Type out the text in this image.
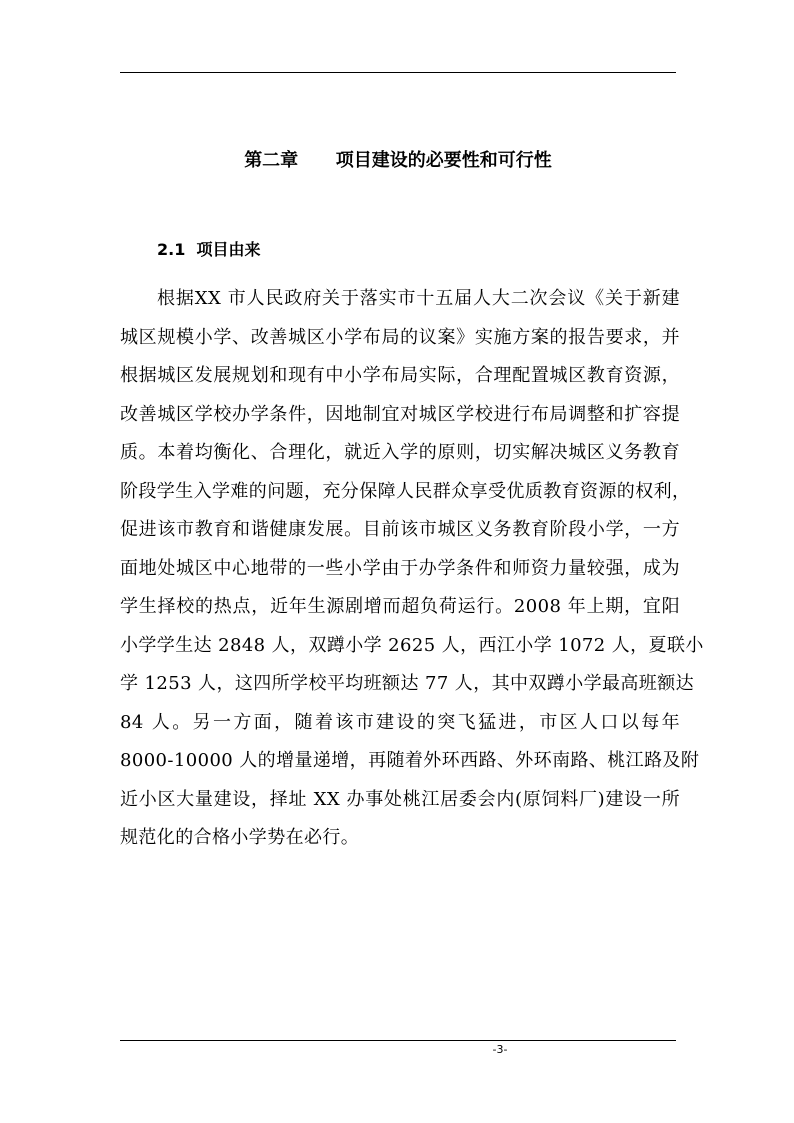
第二章      项目建设的必要性和可行性
2.1  项目由来
根据XX 市人民政府关于落实市十五届人大二次会议《关于新建
城区规模小学、改善城区小学布局的议案》实施方案的报告要求，并
根据城区发展规划和现有中小学布局实际，合理配置城区教育资源，
改善城区学校办学条件，因地制宜对城区学校进行布局调整和扩容提
质。本着均衡化、合理化，就近入学的原则，切实解决城区义务教育
阶段学生入学难的问题，充分保障人民群众享受优质教育资源的权利，
促进该市教育和谐健康发展。目前该市城区义务教育阶段小学，一方
面地处城区中心地带的一些小学由于办学条件和师资力量较强，成为
学生择校的热点，近年生源剧增而超负荷运行。2008 年上期，宜阳
小学学生达 2848 人，双蹲小学 2625 人，西江小学 1072 人，夏联小
学 1253 人，这四所学校平均班额达 77 人，其中双蹲小学最高班额达
84 人。另一方面，随着该市建设的突飞猛进，市区人口以每年
8000-10000 人的增量递增，再随着外环西路、外环南路、桃江路及附
近小区大量建设，择址 XX 办事处桃江居委会内(原饲料厂)建设一所
规范化的合格小学势在必行。
-3-
